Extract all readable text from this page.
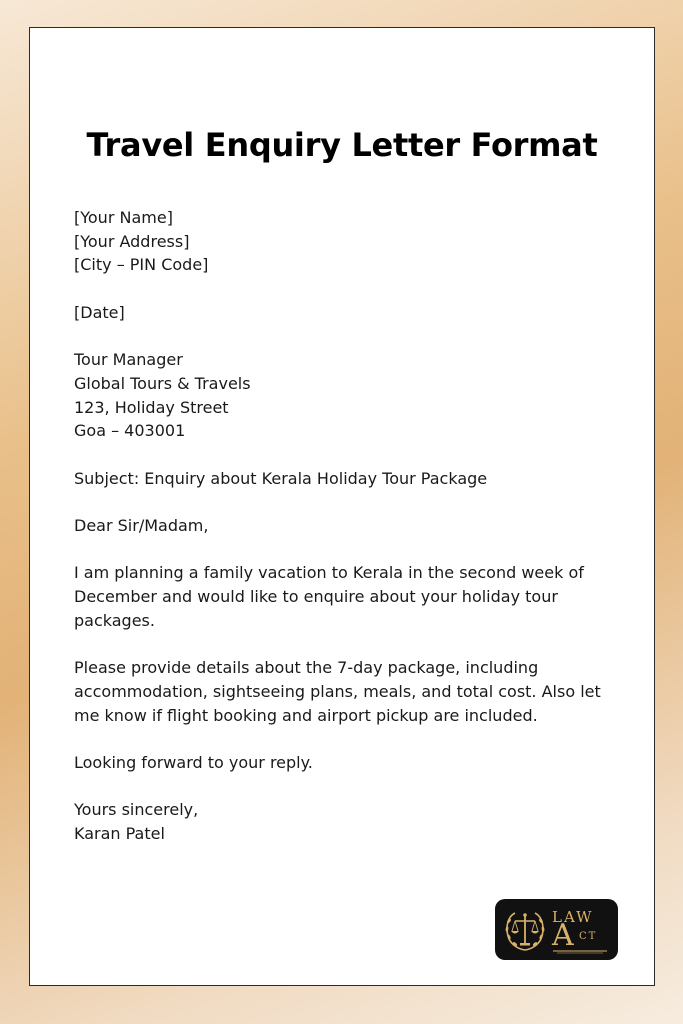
Travel Enquiry Letter Format
[Your Name]
[Your Address]
[City – PIN Code]
[Date]
Tour Manager
Global Tours & Travels
123, Holiday Street
Goa – 403001
Subject: Enquiry about Kerala Holiday Tour Package
Dear Sir/Madam,
I am planning a family vacation to Kerala in the second week of December and would like to enquire about your holiday tour packages.
Please provide details about the 7-day package, including accommodation, sightseeing plans, meals, and total cost. Also let me know if flight booking and airport pickup are included.
Looking forward to your reply.
Yours sincerely,
Karan Patel
LAW
A CT
